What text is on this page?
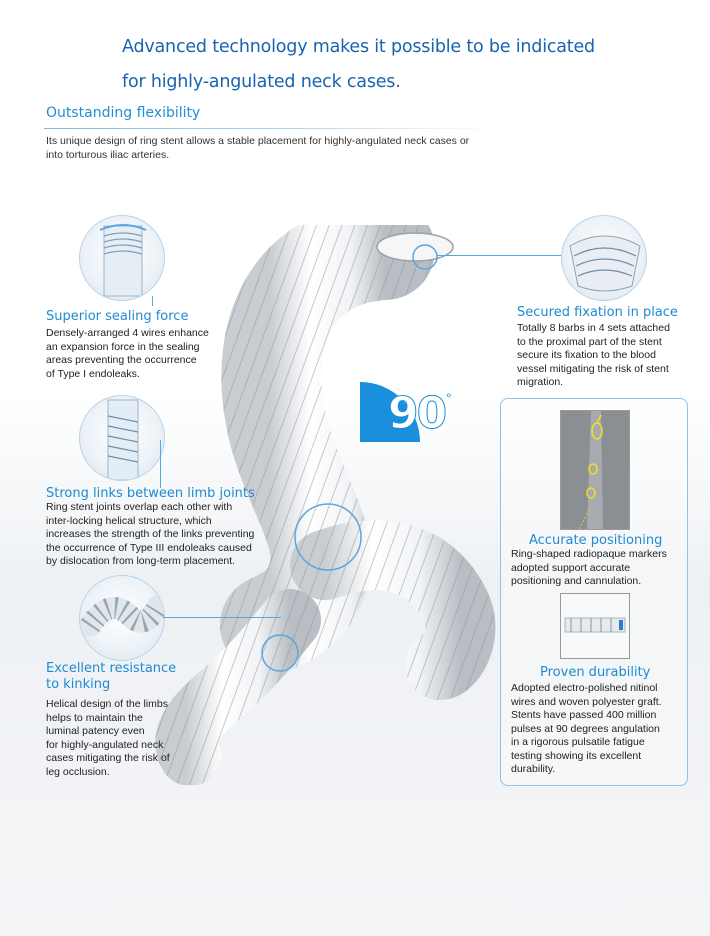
Advanced technology makes it possible to be indicated
for highly-angulated neck cases.
Outstanding flexibility
Its unique design of ring stent allows a stable placement for highly-angulated neck cases or into torturous iliac arteries.
90 °
Superior sealing force
Densely-arranged 4 wires enhance
an expansion force in the sealing
areas preventing the occurrence
of Type I endoleaks.
Strong links between limb joints
Ring stent joints overlap each other with
inter-locking helical structure, which
increases the strength of the links preventing
the occurrence of Type III endoleaks caused
by dislocation from long-term placement.
Excellent resistance
to kinking
Helical design of the limbs
helps to maintain the
luminal patency even
for highly-angulated neck
cases mitigating the risk of
leg occlusion.
Secured fixation in place
Totally 8 barbs in 4 sets attached
to the proximal part of the stent
secure its fixation to the blood
vessel mitigating the risk of stent
migration.
Accurate positioning
Ring-shaped radiopaque markers
adopted support accurate
positioning and cannulation.
Proven durability
Adopted electro-polished nitinol
wires and woven polyester graft.
Stents have passed 400 million
pulses at 90 degrees angulation
in a rigorous pulsatile fatigue
testing showing its excellent
durability.
